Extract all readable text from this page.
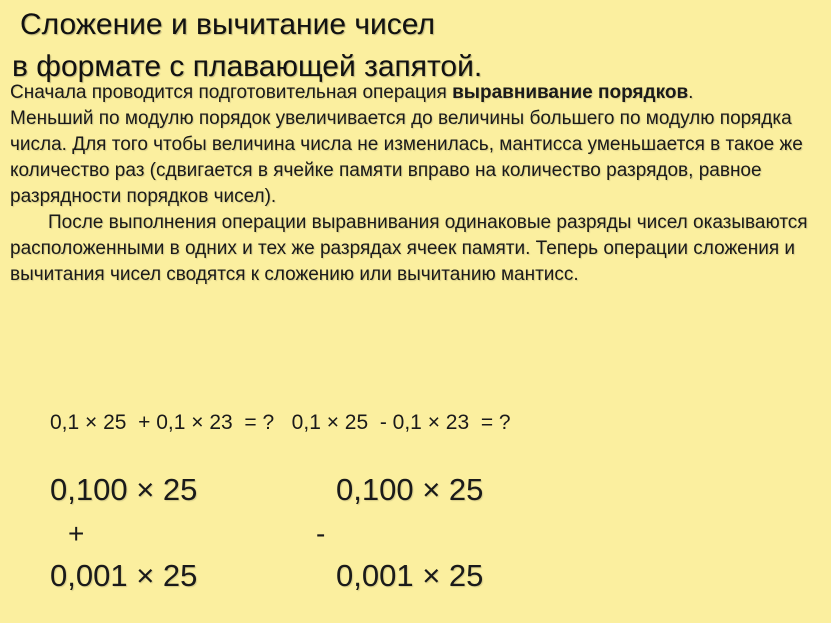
Сложение и вычитание чисел
в формате с плавающей запятой.

Сначала проводится подготовительная операция выравнивание порядков.

Меньший по модулю порядок увеличивается до величины большего по модулю порядка числа. Для того чтобы величина числа не изменилась, мантисса уменьшается в такое же количество раз (сдвигается в ячейке памяти вправо на количество разрядов, равное разрядности порядков чисел).

После выполнения операции выравнивания одинаковые разряды чисел оказываются расположенными в одних и тех же разрядах ячеек памяти. Теперь операции сложения и вычитания чисел сводятся к сложению или вычитанию мантисс.

0,1 × 25  + 0,1 × 23  = ?   0,1 × 25  - 0,1 × 23  = ?
0,100 × 25
+
0,001 × 25
0,100 × 25
-
0,001 × 25
